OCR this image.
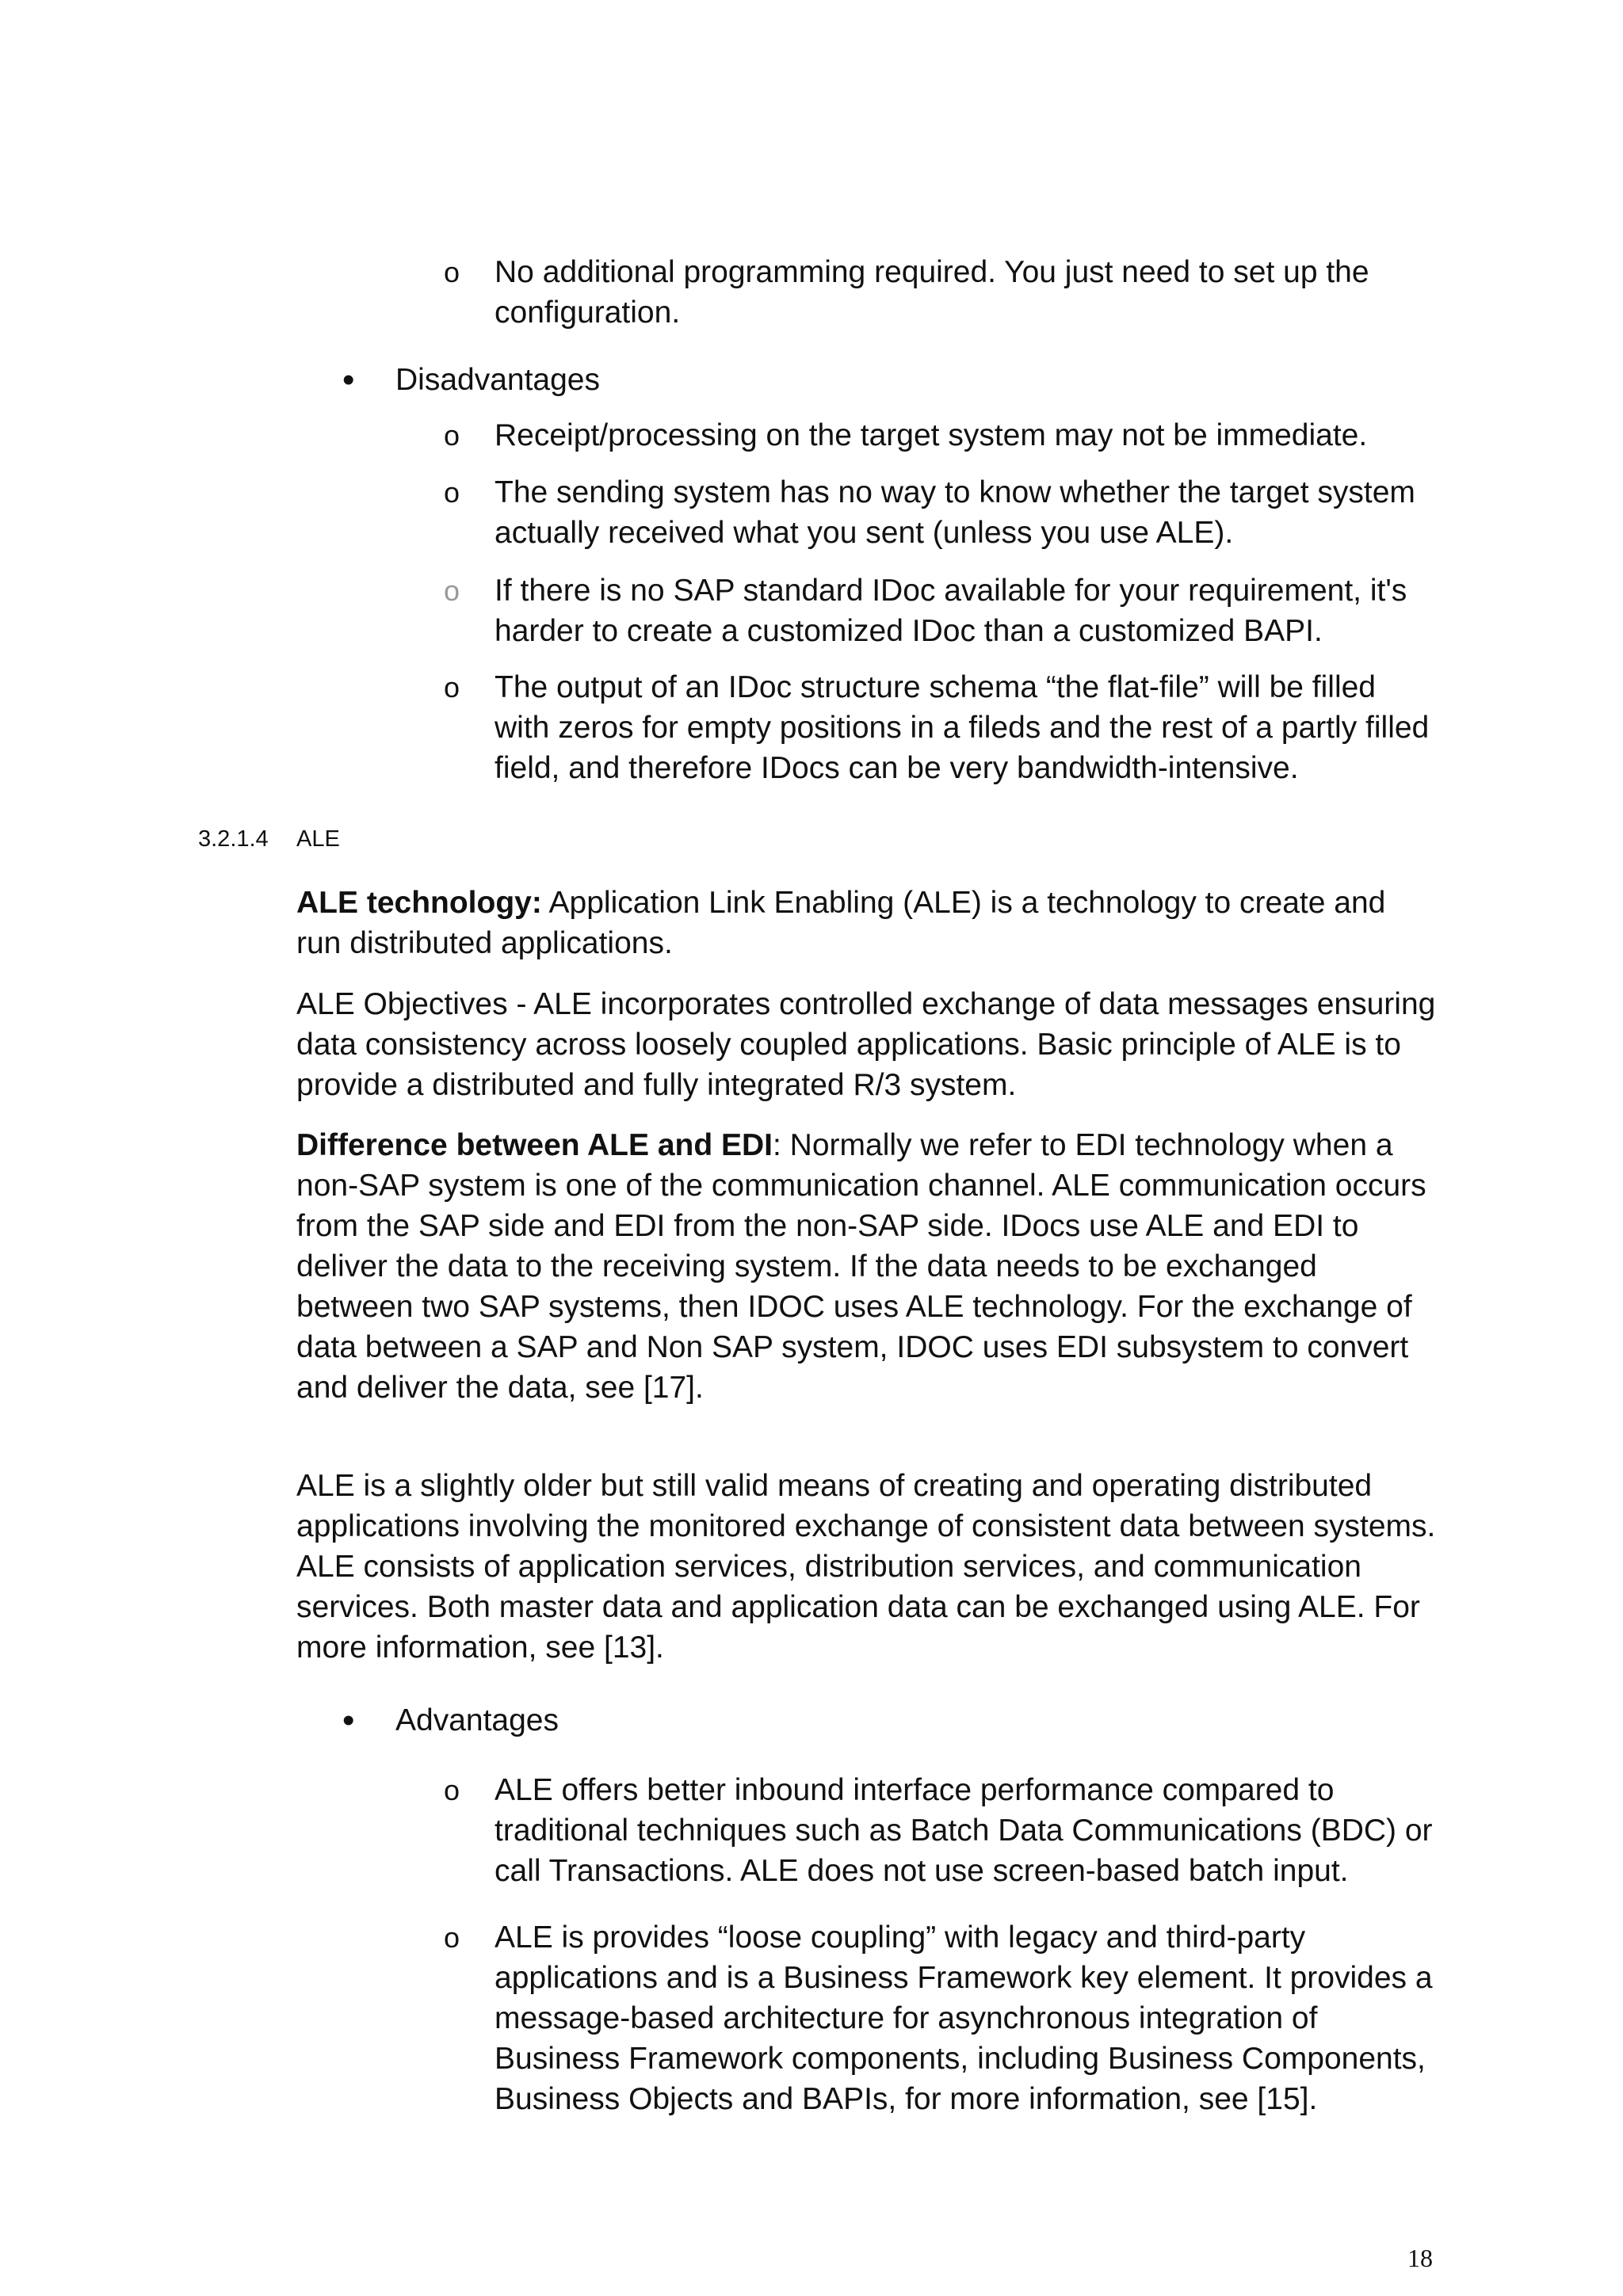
o No additional programming required. You just need to set up the configuration.
• Disadvantages
o Receipt/processing on the target system may not be immediate.
o The sending system has no way to know whether the target system actually received what you sent (unless you use ALE).
o If there is no SAP standard IDoc available for your requirement, it's harder to create a customized IDoc than a customized BAPI.
o The output of an IDoc structure schema “the flat-file” will be filled with zeros for empty positions in a fileds and the rest of a partly filled field, and therefore IDocs can be very bandwidth-intensive.
3.2.1.4 ALE
ALE technology: Application Link Enabling (ALE) is a technology to create and run distributed applications.
ALE Objectives - ALE incorporates controlled exchange of data messages ensuring data consistency across loosely coupled applications. Basic principle of ALE is to provide a distributed and fully integrated R/3 system.
Difference between ALE and EDI: Normally we refer to EDI technology when a non-SAP system is one of the communication channel. ALE communication occurs from the SAP side and EDI from the non-SAP side. IDocs use ALE and EDI to deliver the data to the receiving system. If the data needs to be exchanged between two SAP systems, then IDOC uses ALE technology. For the exchange of data between a SAP and Non SAP system, IDOC uses EDI subsystem to convert and deliver the data, see [17].
ALE is a slightly older but still valid means of creating and operating distributed applications involving the monitored exchange of consistent data between systems. ALE consists of application services, distribution services, and communication services. Both master data and application data can be exchanged using ALE. For more information, see [13].
• Advantages
o ALE offers better inbound interface performance compared to traditional techniques such as Batch Data Communications (BDC) or call Transactions. ALE does not use screen-based batch input.
o ALE is provides “loose coupling” with legacy and third-party applications and is a Business Framework key element. It provides a message-based architecture for asynchronous integration of Business Framework components, including Business Components, Business Objects and BAPIs, for more information, see [15].
18
